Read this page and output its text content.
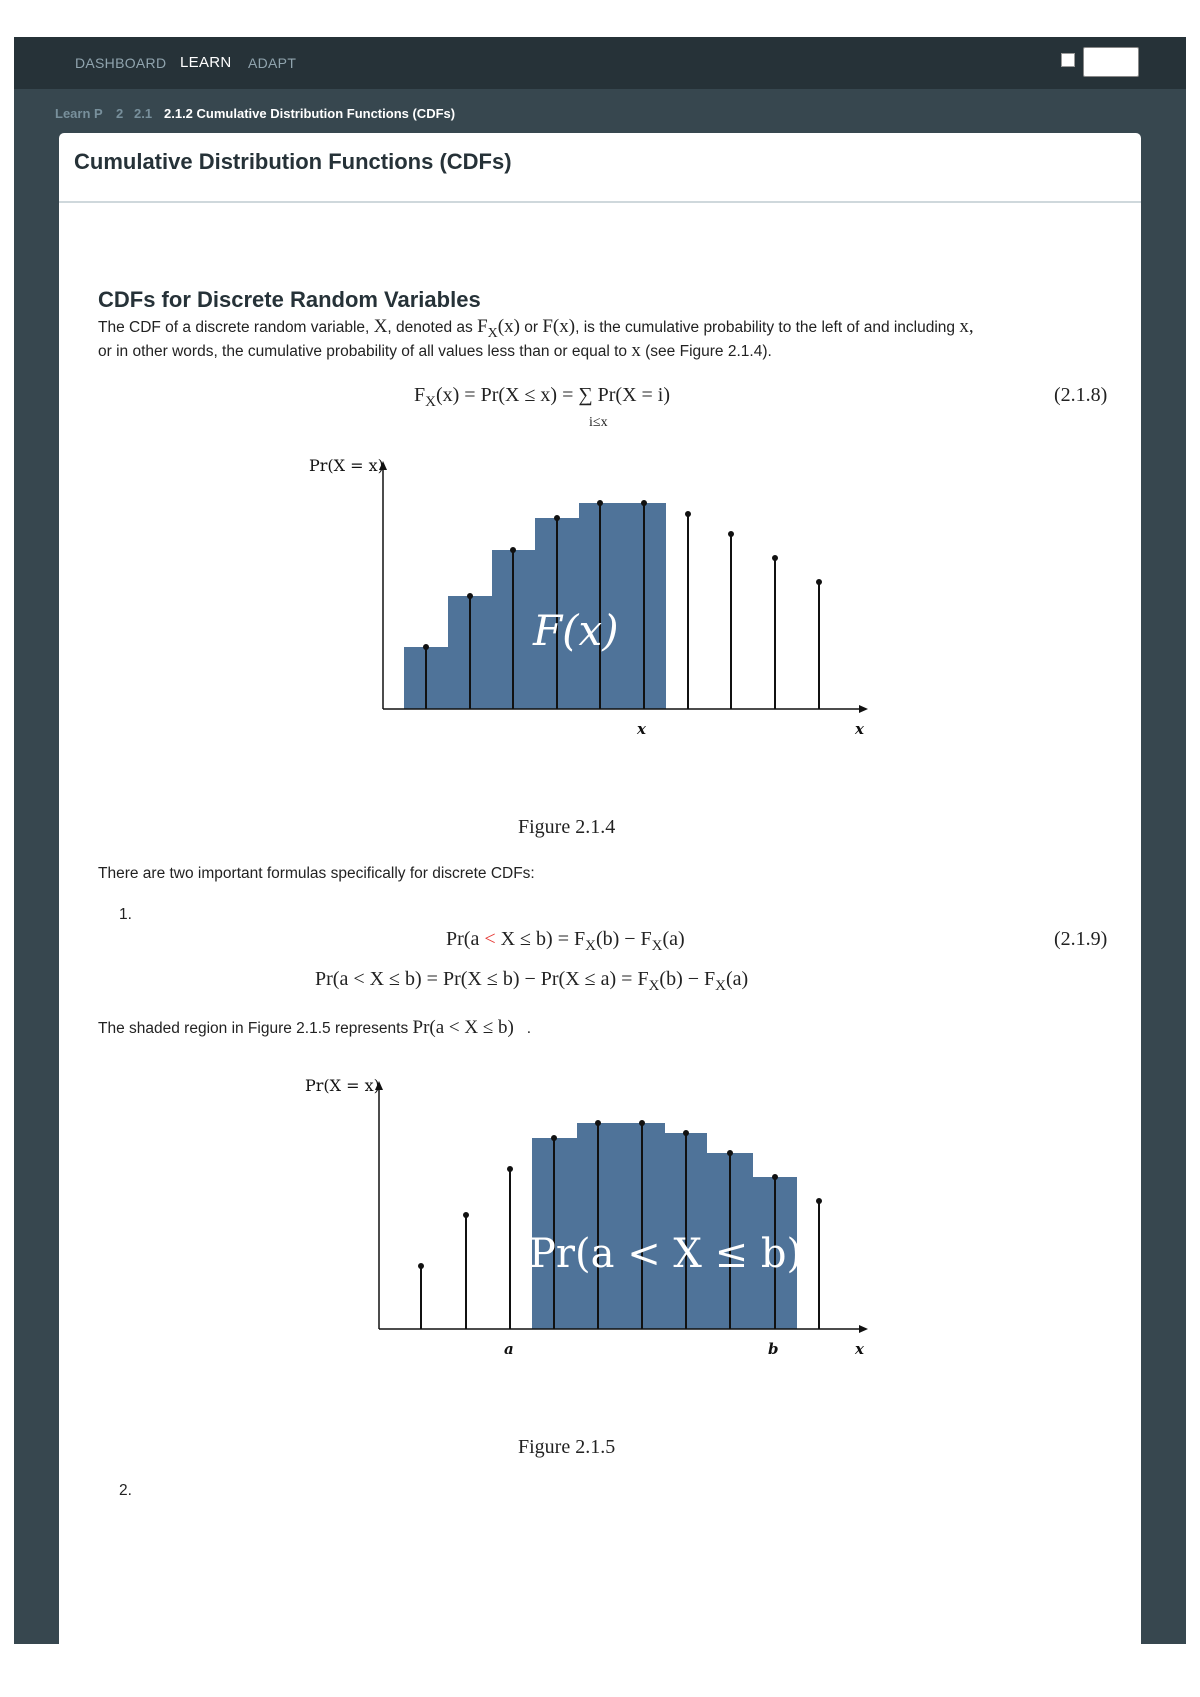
DASHBOARD LEARN ADAPT
Learn P 2 2.1 2.1.2 Cumulative Distribution Functions (CDFs)
Cumulative Distribution Functions (CDFs)
CDFs for Discrete Random Variables

The CDF of a discrete random variable, X, denoted as $F_X(x)$ or F(x), is the cumulative probability to the left of and including x,

or in other words, the cumulative probability of all values less than or equal to x (see Figure 2.1.4).

$F_X(x) = Pr(X \le x)$ = ∑ Pr(X = i)
i≤x
(2.1.8)
Pr(X = x)
x	x
F(x)
Figure 2.1.4

There are two important formulas specifically for discrete CDFs:

1.
$Pr(a < X \le b) = F_X(b) - F_X(a)$	(2.1.9)
$Pr(a < X \le b) = Pr(X \le b) - Pr(X \le a) = F_X(b) - F_X(a)$

The shaded region in Figure 2.1.5 represents Pr(a < X ≤ b) .

Pr(X = x)
a	b	x
Pr(a < X ≤ b)
Figure 2.1.5
2.
